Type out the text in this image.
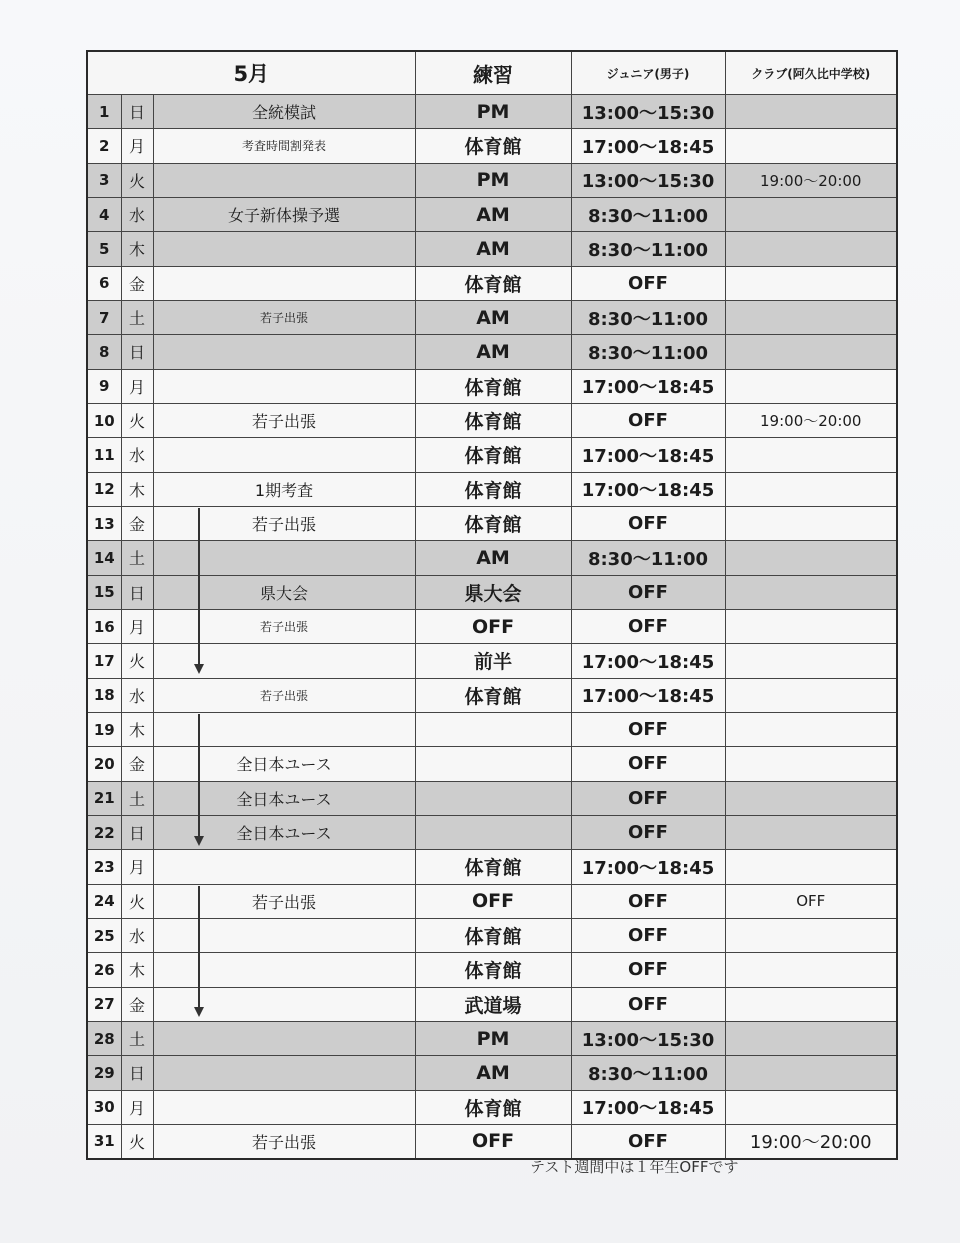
5月			練習	ジュニア(男子)	クラブ(阿久比中学校)
1	日	全統模試	PM	13:00〜15:30	
2	月	考査時間割発表	体育館	17:00〜18:45	
3	火		PM	13:00〜15:30	19:00〜20:00
4	水	女子新体操予選	AM	8:30〜11:00	
5	木		AM	8:30〜11:00	
6	金		体育館	OFF	
7	土	若子出張	AM	8:30〜11:00	
8	日		AM	8:30〜11:00	
9	月		体育館	17:00〜18:45	
10	火	若子出張	体育館	OFF	19:00〜20:00
11	水		体育館	17:00〜18:45	
12	木	1期考査	体育館	17:00〜18:45	
13	金	若子出張	体育館	OFF	
14	土		AM	8:30〜11:00	
15	日	県大会	県大会	OFF	
16	月	若子出張	OFF	OFF	
17	火		前半	17:00〜18:45	
18	水	若子出張	体育館	17:00〜18:45	
19	木			OFF	
20	金	全日本ユース		OFF	
21	土	全日本ユース		OFF	
22	日	全日本ユース		OFF	
23	月		体育館	17:00〜18:45	
24	火	若子出張	OFF	OFF	OFF
25	水		体育館	OFF	
26	木		体育館	OFF	
27	金		武道場	OFF	
28	土		PM	13:00〜15:30	
29	日		AM	8:30〜11:00	
30	月		体育館	17:00〜18:45	
31	火	若子出張	OFF	OFF	19:00〜20:00
テスト週間中は１年生OFFです
